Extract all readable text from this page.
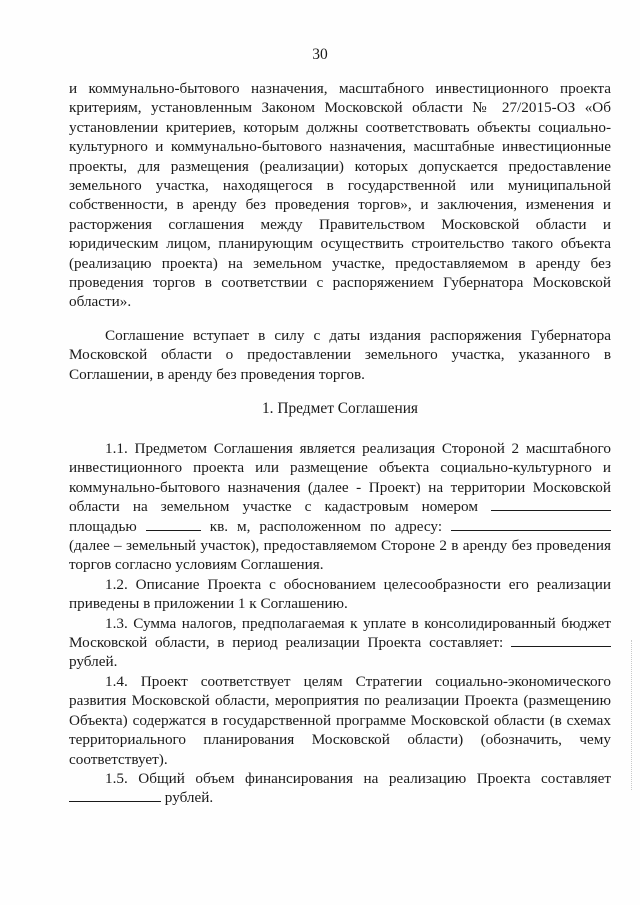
30

и коммунально-бытового назначения, масштабного инвестиционного проекта критериям, установленным Законом Московской области № 27/2015-ОЗ «Об установлении критериев, которым должны соответствовать объекты социально-культурного и коммунально-бытового назначения, масштабные инвестиционные проекты, для размещения (реализации) которых допускается предоставление земельного участка, находящегося в государственной или муниципальной собственности, в аренду без проведения торгов», и заключения, изменения и расторжения соглашения между Правительством Московской области и юридическим лицом, планирующим осуществить строительство такого объекта (реализацию проекта) на земельном участке, предоставляемом в аренду без проведения торгов в соответствии с распоряжением Губернатора Московской области».

Соглашение вступает в силу с даты издания распоряжения Губернатора Московской области о предоставлении земельного участка, указанного в Соглашении, в аренду без проведения торгов.

1. Предмет Соглашения

1.1. Предметом Соглашения является реализация Стороной 2 масштабного инвестиционного проекта или размещение объекта социально-культурного и коммунально-бытового назначения (далее - Проект) на территории Московской области на земельном участке с кадастровым номером  площадью	кв. м, расположенном по адресу:  (далее – земельный участок), предоставляемом Стороне 2 в аренду без проведения торгов согласно условиям Соглашения.

1.2. Описание Проекта с обоснованием целесообразности его реализации приведены в приложении 1 к Соглашению.

1.3. Сумма налогов, предполагаемая к уплате в консолидированный бюджет Московской области, в период реализации Проекта составляет:  рублей.

1.4. Проект соответствует целям Стратегии социально-экономического развития Московской области, мероприятия по реализации Проекта (размещению Объекта) содержатся в государственной программе Московской области (в схемах территориального планирования Московской области) (обозначить, чему соответствует).

1.5. Общий объем финансирования на реализацию Проекта составляет  рублей.
